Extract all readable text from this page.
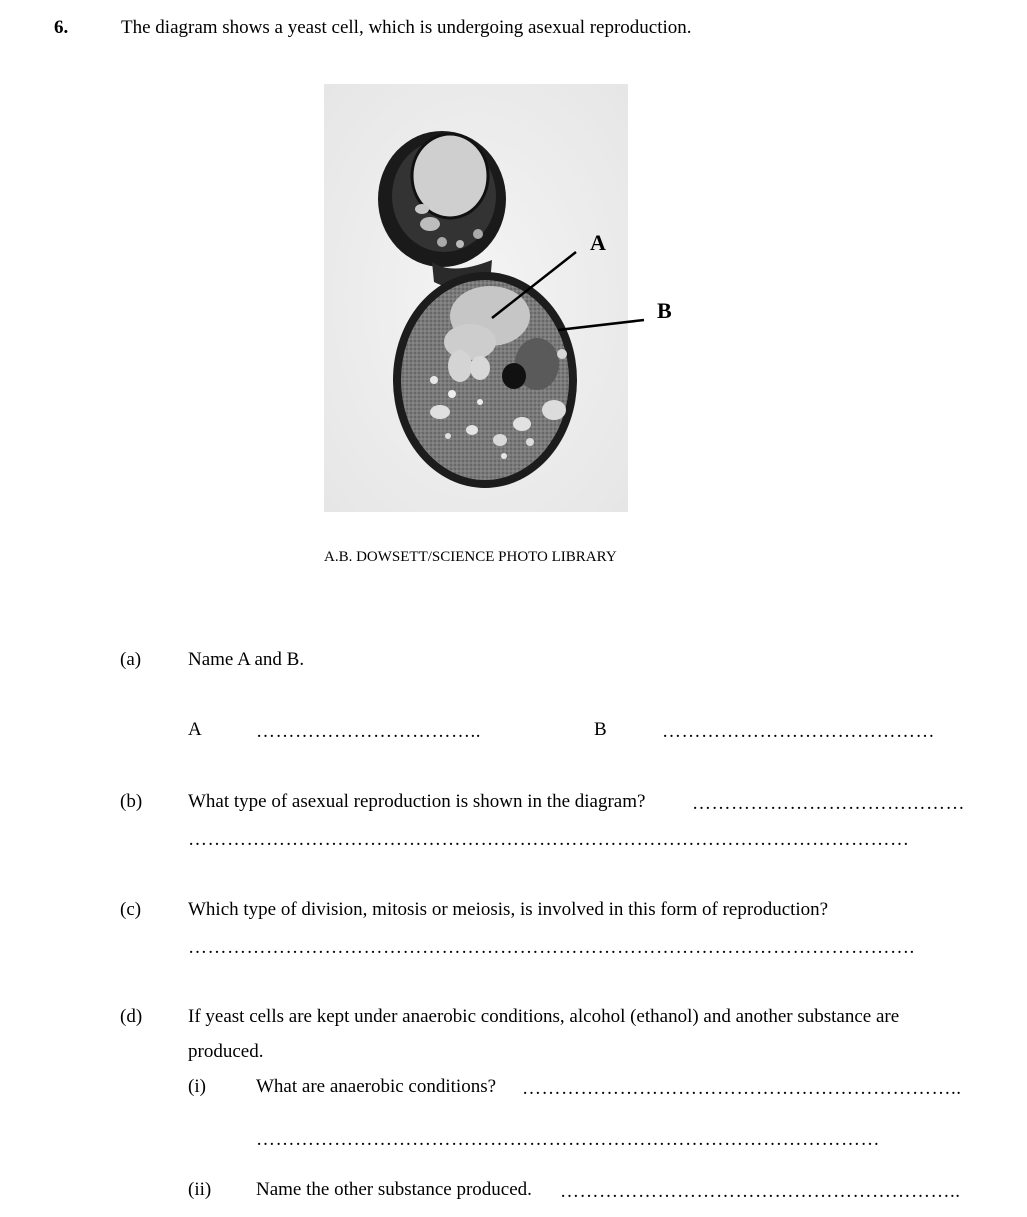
6.	The diagram shows a yeast cell, which is undergoing asexual reproduction.
A
B
A.B. DOWSETT/SCIENCE PHOTO LIBRARY
(a) Name A and B.
A	……………………………..	B	……………………………………
(b) What type of asexual reproduction is shown in the diagram? ……………………………………
…………………………………………………………………………………………………
(c) Which type of division, mitosis or meiosis, is involved in this form of reproduction?
………………………………………………………………………………………………….
(d) If yeast cells are kept under anaerobic conditions, alcohol (ethanol) and another substance are
produced.
(i)	What are anaerobic conditions? …………………………………………………………..
……………………………………………………………………………………
(ii) Name the other substance produced. ……………………………………………………..
